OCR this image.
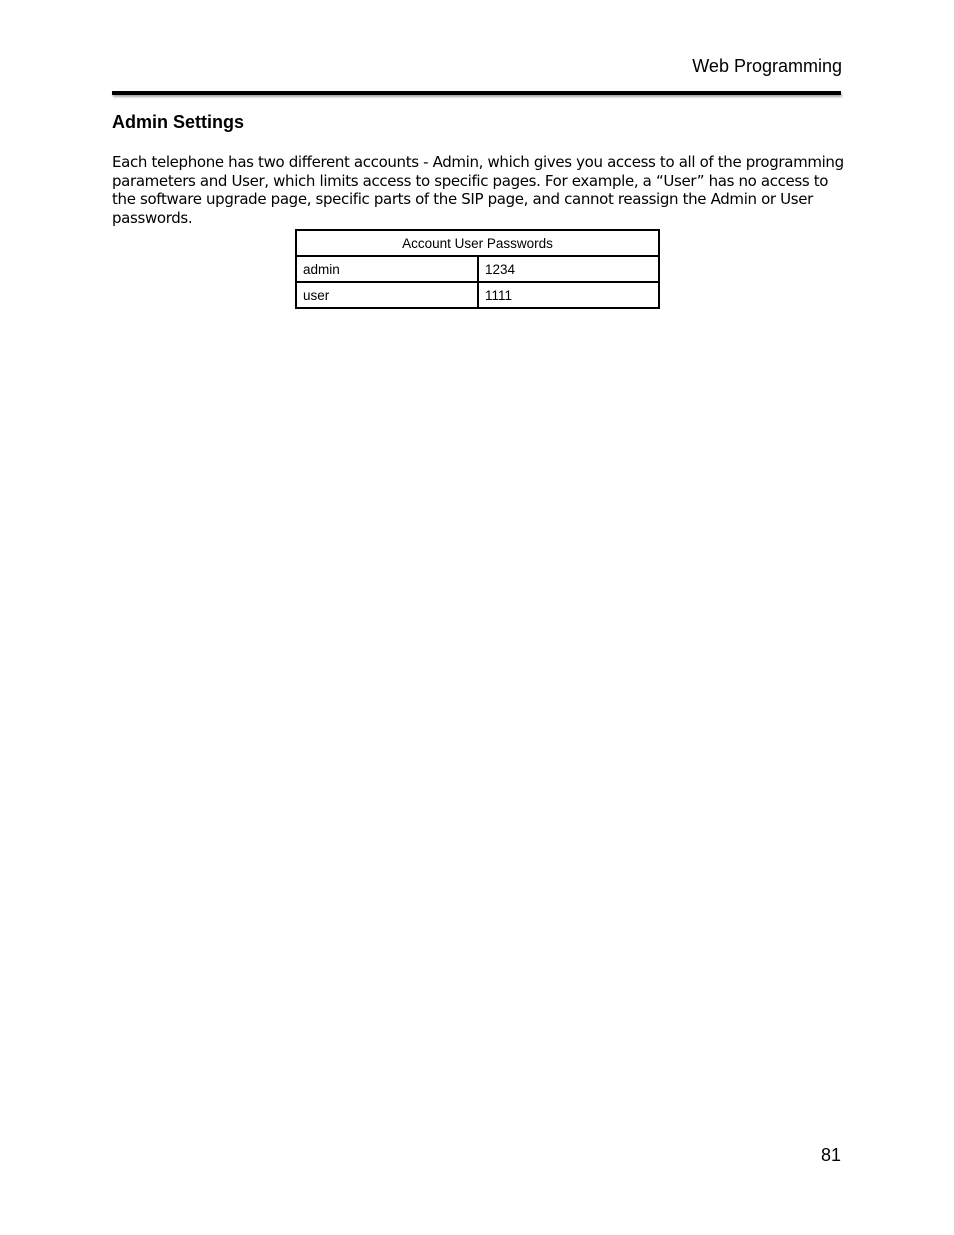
Web Programming
Admin Settings

Each telephone has two different accounts - Admin, which gives you access to all of the programming parameters and User, which limits access to specific pages. For example, a “User” has no access to the software upgrade page, specific parts of the SIP page, and cannot reassign the Admin or User passwords.

Account User Passwords	
admin	1234
user	1111
81
